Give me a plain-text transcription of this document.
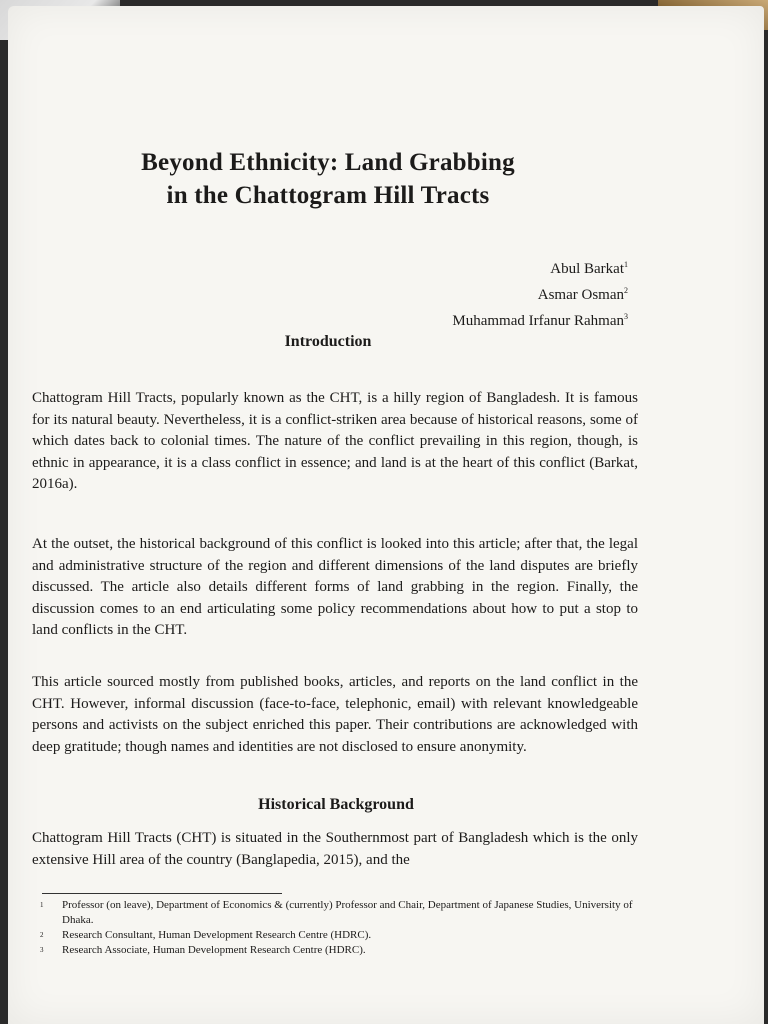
Beyond Ethnicity: Land Grabbing
in the Chattogram Hill Tracts
Abul Barkat$^1$
Asmar Osman$^2$
Muhammad Irfanur Rahman$^3$
Introduction

Chattogram Hill Tracts, popularly known as the CHT, is a hilly region of Bangladesh. It is famous for its natural beauty. Nevertheless, it is a conflict-striken area because of historical reasons, some of which dates back to colonial times. The nature of the conflict prevailing in this region, though, is ethnic in appearance, it is a class conflict in essence; and land is at the heart of this conflict (Barkat, 2016a).

At the outset, the historical background of this conflict is looked into this article; after that, the legal and administrative structure of the region and different dimensions of the land disputes are briefly discussed. The article also details different forms of land grabbing in the region. Finally, the discussion comes to an end articulating some policy recommendations about how to put a stop to land conflicts in the CHT.

This article sourced mostly from published books, articles, and reports on the land conflict in the CHT. However, informal discussion (face-to-face, telephonic, email) with relevant knowledgeable persons and activists on the subject enriched this paper. Their contributions are acknowledged with deep gratitude; though names and identities are not disclosed to ensure anonymity.

Historical Background

Chattogram Hill Tracts (CHT) is situated in the Southernmost part of Bangladesh which is the only extensive Hill area of the country (Banglapedia, 2015), and the

1 Professor (on leave), Department of Economics & (currently) Professor and Chair, Department of Japanese Studies, University of Dhaka.
2 Research Consultant, Human Development Research Centre (HDRC).
3 Research Associate, Human Development Research Centre (HDRC).
